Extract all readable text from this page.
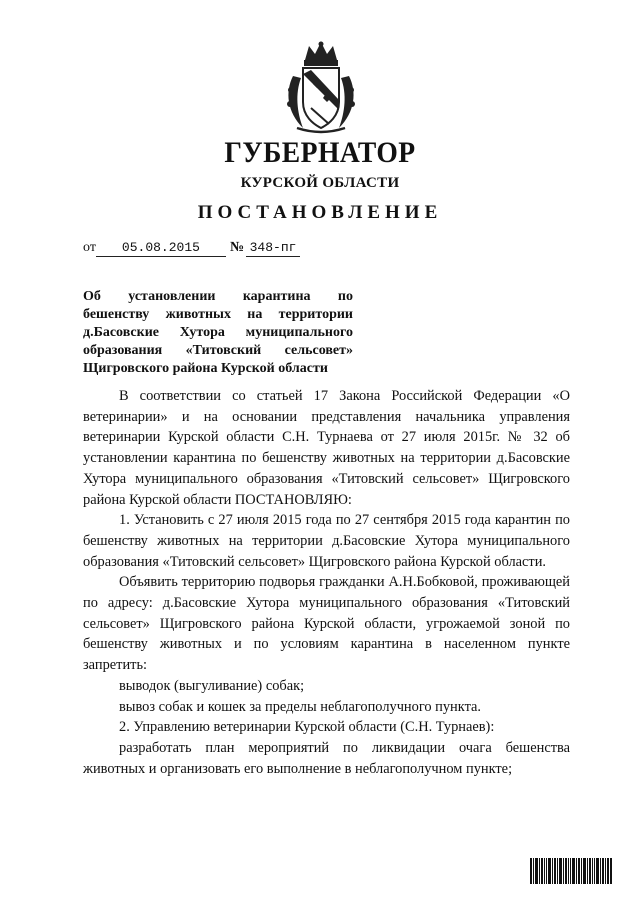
ГУБЕРНАТОР
КУРСКОЙ ОБЛАСТИ
ПОСТАНОВЛЕНИЕ
от 05.08.2015 № 348-пг
Об установлении карантина по
бешенству животных на территории
д.Басовские Хутора муниципального
образования «Титовский сельсовет»
Щигровского района Курской области

В соответствии со статьей 17 Закона Российской Федерации «О ветеринарии» и на основании представления начальника управления ветеринарии Курской области С.Н. Турнаева от 27 июля 2015г. № 32 об установлении карантина по бешенству животных на территории д.Басовские Хутора муниципального образования «Титовский сельсовет» Щигровского района Курской области ПОСТАНОВЛЯЮ:

1. Установить с 27 июля 2015 года по 27 сентября 2015 года карантин по бешенству животных на территории д.Басовские Хутора муниципального образования «Титовский сельсовет» Щигровского района Курской области.

Объявить территорию подворья гражданки А.Н.Бобковой, проживающей по адресу: д.Басовские Хутора муниципального образования «Титовский сельсовет» Щигровского района Курской области, угрожаемой зоной по бешенству животных и по условиям карантина в населенном пункте запретить:

выводок (выгуливание) собак;

вывоз собак и кошек за пределы неблагополучного пункта.

2. Управлению ветеринарии Курской области (С.Н. Турнаев):

разработать план мероприятий по ликвидации очага бешенства животных и организовать его выполнение в неблагополучном пункте;
